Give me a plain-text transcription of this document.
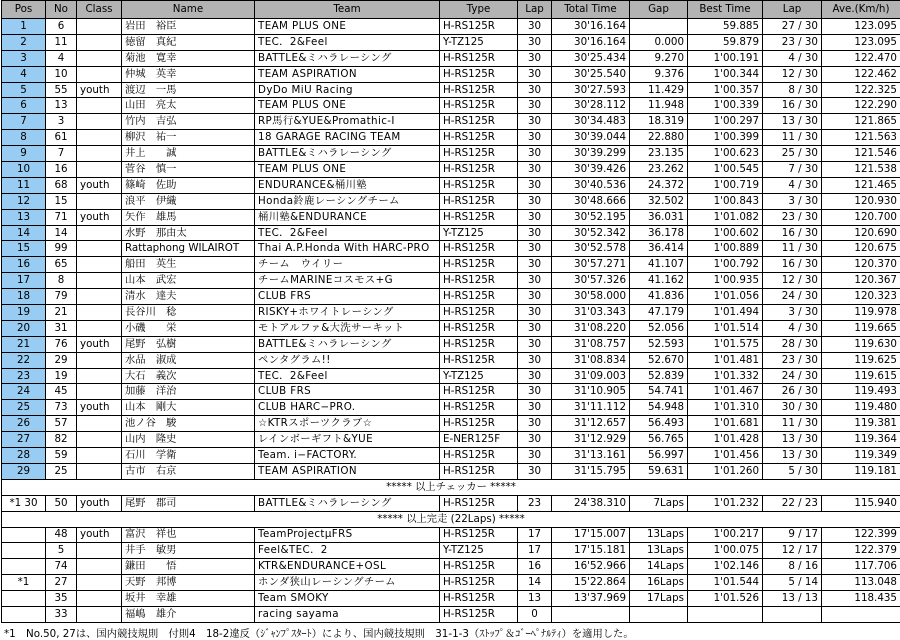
Pos	No	Class	Name	Team	Type	Lap	Total Time	Gap	Best Time	Lap	Ave.(Km/h)
1	6		岩田　裕臣	TEAM PLUS ONE	H-RS125R	30	30'16.164		59.885	27 / 30	123.095
2	11		徳留　真紀	TEC．2&Feel	Y-TZ125	30	30'16.164	0.000	59.879	23 / 30	123.095
3	4		菊池　寛幸	BATTLE&ミハラレーシング	H-RS125R	30	30'25.434	9.270	1'00.191	4 / 30	122.470
4	10		仲城　英幸	TEAM ASPIRATION	H-RS125R	30	30'25.540	9.376	1'00.344	12 / 30	122.462
5	55	youth	渡辺　一馬	DyDo MiU Racing	H-RS125R	30	30'27.593	11.429	1'00.357	8 / 30	122.325
6	13		山田　亮太	TEAM PLUS ONE	H-RS125R	30	30'28.112	11.948	1'00.339	16 / 30	122.290
7	3		竹内　吉弘	RP馬行&YUE&Promathic-I	H-RS125R	30	30'34.483	18.319	1'00.297	13 / 30	121.865
8	61		柳沢　祐一	18 GARAGE RACING TEAM	H-RS125R	30	30'39.044	22.880	1'00.399	11 / 30	121.563
9	7		井上　　誠	BATTLE&ミハラレーシング	H-RS125R	30	30'39.299	23.135	1'00.623	25 / 30	121.546
10	16		菅谷　慎一	TEAM PLUS ONE	H-RS125R	30	30'39.426	23.262	1'00.545	7 / 30	121.538
11	68	youth	篠崎　佐助	ENDURANCE&桶川塾	H-RS125R	30	30'40.536	24.372	1'00.719	4 / 30	121.465
12	15		浪平　伊織	Honda鈴鹿レーシングチーム	H-RS125R	30	30'48.666	32.502	1'00.843	3 / 30	120.930
13	71	youth	矢作　雄馬	桶川塾&ENDURANCE	H-RS125R	30	30'52.195	36.031	1'01.082	23 / 30	120.700
14	14		水野　那由太	TEC．2&Feel	Y-TZ125	30	30'52.342	36.178	1'00.602	16 / 30	120.690
15	99		Rattaphong WILAIROT	Thai A.P.Honda With HARC-PRO	H-RS125R	30	30'52.578	36.414	1'00.889	11 / 30	120.675
16	65		船田　英生	チーム　ウイリー	H-RS125R	30	30'57.271	41.107	1'00.792	16 / 30	120.370
17	8		山本　武宏	チームMARINEコスモス+G	H-RS125R	30	30'57.326	41.162	1'00.935	12 / 30	120.367
18	79		清水　達夫	CLUB FRS	H-RS125R	30	30'58.000	41.836	1'01.056	24 / 30	120.323
19	21		長谷川　稔	RISKY+ホワイトレーシング	H-RS125R	30	31'03.343	47.179	1'01.494	3 / 30	119.978
20	31		小磯　　栄	モトアルファ&大洗サーキット	H-RS125R	30	31'08.220	52.056	1'01.514	4 / 30	119.665
21	76	youth	尾野　弘樹	BATTLE&ミハラレーシング	H-RS125R	30	31'08.757	52.593	1'01.575	28 / 30	119.630
22	29		水品　淑成	ペンタグラム!!	H-RS125R	30	31'08.834	52.670	1'01.481	23 / 30	119.625
23	19		大石　義次	TEC．2&Feel	Y-TZ125	30	31'09.003	52.839	1'01.332	24 / 30	119.615
24	45		加藤　洋治	CLUB FRS	H-RS125R	30	31'10.905	54.741	1'01.467	26 / 30	119.493
25	73	youth	山本　剛大	CLUB HARC−PRO.	H-RS125R	30	31'11.112	54.948	1'01.310	30 / 30	119.480
26	57		池ノ谷　駿	☆KTRスポーツクラブ☆	H-RS125R	30	31'12.657	56.493	1'01.681	11 / 30	119.381
27	82		山内　隆史	レインボーギフト&YUE	E-NER125F	30	31'12.929	56.765	1'01.428	13 / 30	119.364
28	59		石川　学衛	Team. i−FACTORY.	H-RS125R	30	31'13.161	56.997	1'01.456	13 / 30	119.349
29	25		古市　右京	TEAM ASPIRATION	H-RS125R	30	31'15.795	59.631	1'01.260	5 / 30	119.181
***** 以上チェッカー *****											
*1 30	50	youth	尾野　郡司	BATTLE&ミハラレーシング	H-RS125R	23	24'38.310	7Laps	1'01.232	22 / 23	115.940
***** 以上完走 (22Laps) *****											
	48	youth	富沢　祥也	TeamProjectμFRS	H-RS125R	17	17'15.007	13Laps	1'00.217	9 / 17	122.399
	5		井手　敏男	Feel&TEC．2	Y-TZ125	17	17'15.181	13Laps	1'00.075	12 / 17	122.379
	74		鎌田　　悟	KTR&ENDURANCE+OSL	H-RS125R	16	16'52.966	14Laps	1'02.146	8 / 16	117.706
*1	27		天野　邦博	ホンダ狭山レーシングチーム	H-RS125R	14	15'22.864	16Laps	1'01.544	5 / 14	113.048
	35		坂井　幸雄	Team SMOKY	H-RS125R	13	13'37.969	17Laps	1'01.526	13 / 13	118.435
	33		福嶋　雄介	racing sayama	H-RS125R	0					
*1　No.50, 27は、国内競技規則　付則4　18-2違反（ｼﾞｬﾝﾌﾟｽﾀｰﾄ）により、国内競技規則　31-1-3（ｽﾄｯﾌﾟ＆ｺﾞｰﾍﾟﾅﾙﾃｨ）を適用した。
